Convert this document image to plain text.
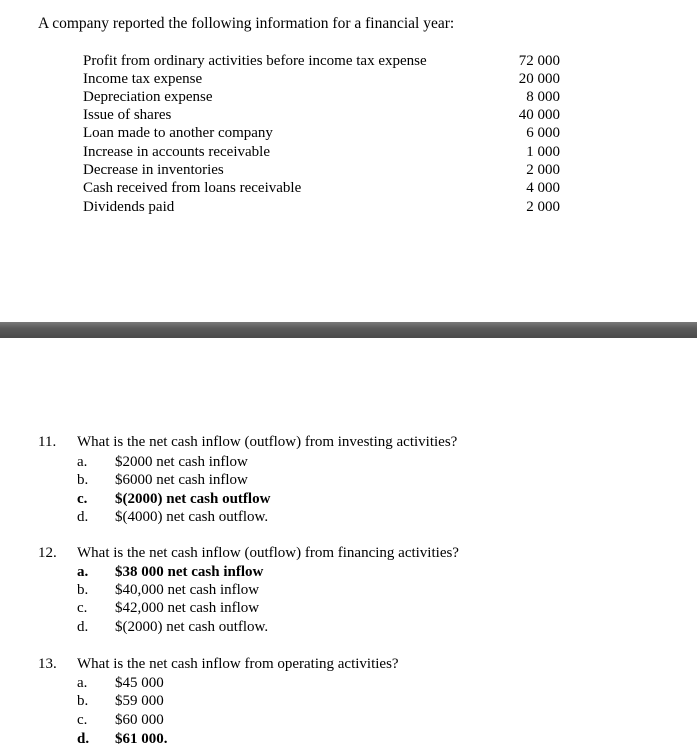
A company reported the following information for a financial year:
Profit from ordinary activities before income tax expense	72 000
Income tax expense	20 000
Depreciation expense	8 000
Issue of shares	40 000
Loan made to another company	6 000
Increase in accounts receivable	1 000
Decrease in inventories	2 000
Cash received from loans receivable	4 000
Dividends paid	2 000
11. What is the net cash inflow (outflow) from investing activities?
a. $2000 net cash inflow
b. $6000 net cash inflow
c. $(2000) net cash outflow
d. $(4000) net cash outflow.
12. What is the net cash inflow (outflow) from financing activities?
a. $38 000 net cash inflow
b. $40,000 net cash inflow
c. $42,000 net cash inflow
d. $(2000) net cash outflow.
13. What is the net cash inflow from operating activities?
a. $45 000
b. $59 000
c. $60 000
d. $61 000.
